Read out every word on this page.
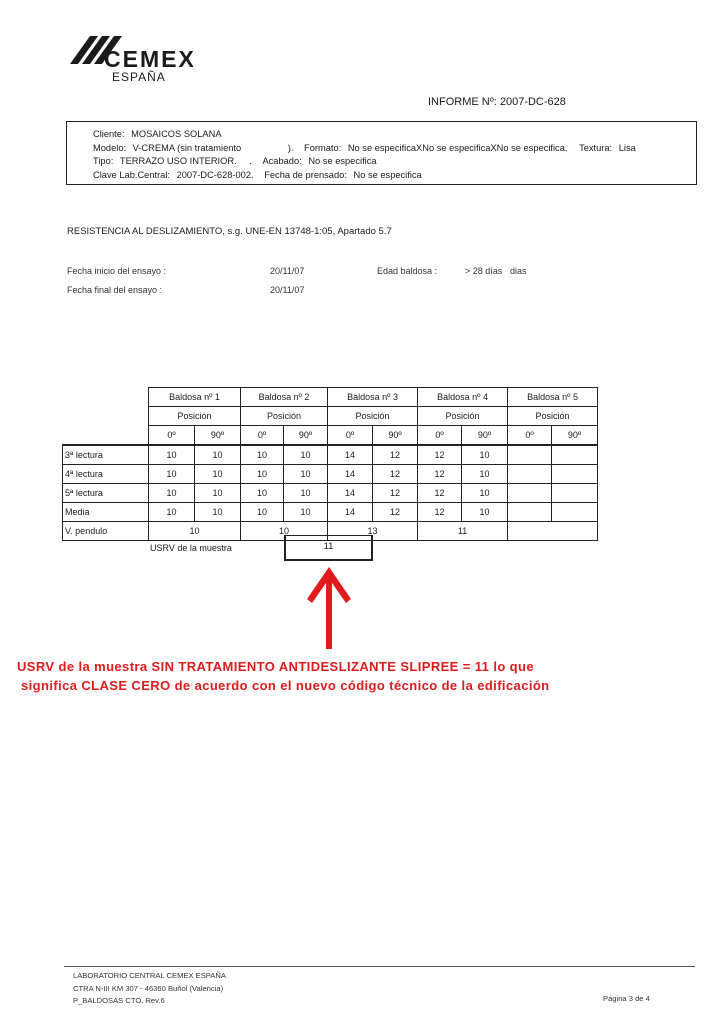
CEMEX
ESPAÑA
INFORME Nº: 2007-DC-628
Cliente: MOSAICOS SOLANA
Modelo: V-CREMA (sin tratamiento	). Formato: No se especificaXNo se especificaXNo se especifica. Textura: Lisa
Tipo: TERRAZO USO INTERIOR. . Acabado: No se especifica
Clave Lab.Central: 2007-DC-628-002. Fecha de prensado: No se especifica
RESISTENCIA AL DESLIZAMIENTO, s.g. UNE-EN 13748-1:05, Apartado 5.7
Fecha inicio del ensayo :	20/11/07	Edad baldosa :	> 28 días dias
Fecha final del ensayo :	20/11/07
	Baldosa nº 1		Baldosa nº 2		Baldosa nº 3		Baldosa nº 4		Baldosa nº 5	
	Posición		Posición		Posición		Posición		Posición	
	0º	90º	0º	90º	0º	90º	0º	90º	0º	90º
3ª lectura	10	10	10	10	14	12	12	10		
4ª lectura	10	10	10	10	14	12	12	10		
5ª lectura	10	10	10	10	14	12	12	10		
Media	10	10	10	10	14	12	12	10		
V. pendulo	10		10		13		11			
USRV de la muestra	11
USRV de la muestra SIN TRATAMIENTO ANTIDESLIZANTE SLIPREE = 11 lo que
significa CLASE CERO de acuerdo con el nuevo código técnico de la edificación
LABORATORIO CENTRAL CEMEX ESPAÑA
CTRA N-III KM 307 - 46360 Buñol (Valencia)
P_BALDOSAS CTO. Rev.6	Página 3 de 4
